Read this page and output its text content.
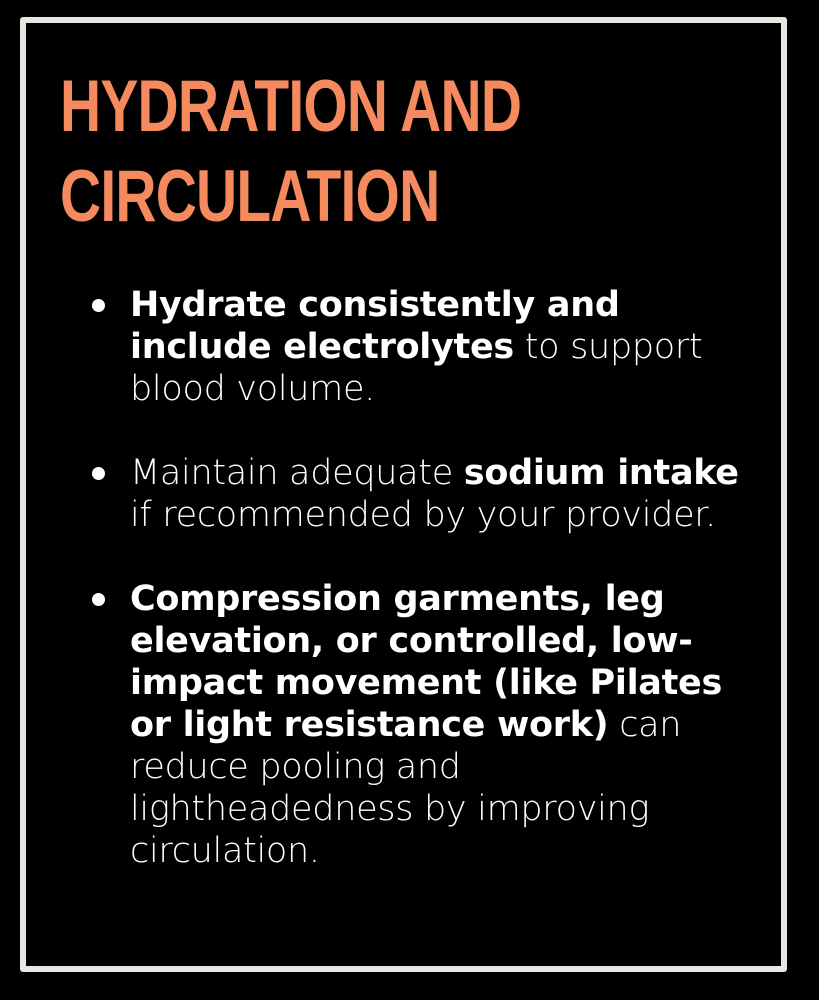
HYDRATION AND
CIRCULATION
Hydrate consistently and include electrolytes to support blood volume.
Maintain adequate sodium intake if recommended by your provider.
Compression garments, leg elevation, or controlled, low-impact movement (like Pilates or light resistance work) can reduce pooling and lightheadedness by improving circulation.
